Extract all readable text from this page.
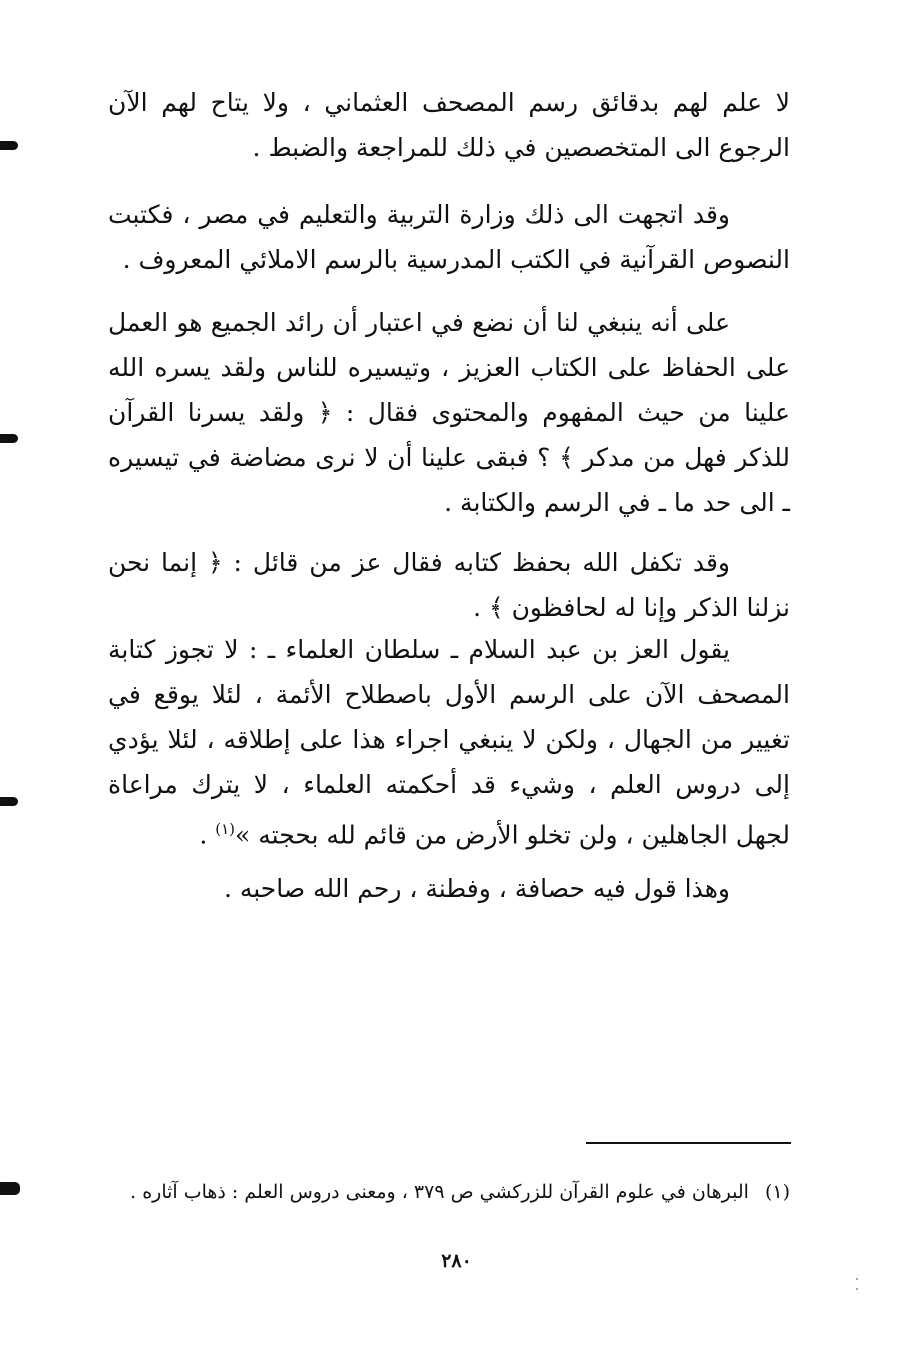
لا علم لهم بدقائق رسم المصحف العثماني ، ولا يتاح لهم الآن الرجوع الى المتخصصين في ذلك للمراجعة والضبط .

وقد اتجهت الى ذلك وزارة التربية والتعليم في مصر ، فكتبت النصوص القرآنية في الكتب المدرسية بالرسم الاملائي المعروف .

على أنه ينبغي لنا أن نضع في اعتبار أن رائد الجميع هو العمل على الحفاظ على الكتاب العزيز ، وتيسيره للناس ولقد يسره الله علينا من حيث المفهوم والمحتوى فقال : ﴿ ولقد يسرنا القرآن للذكر فهل من مدكر ﴾ ؟ فبقى علينا أن لا نرى مضاضة في تيسيره ـ الى حد ما ـ في الرسم والكتابة .

وقد تكفل الله بحفظ كتابه فقال عز من قائل : ﴿ إنما نحن نزلنا الذكر وإنا له لحافظون ﴾ .

يقول العز بن عبد السلام ـ سلطان العلماء ـ : لا تجوز كتابة المصحف الآن على الرسم الأول باصطلاح الأئمة ، لئلا يوقع في تغيير من الجهال ، ولكن لا ينبغي اجراء هذا على إطلاقه ، لئلا يؤدي إلى دروس العلم ، وشيء قد أحكمته العلماء ، لا يترك مراعاة لجهل الجاهلين ، ولن تخلو الأرض من قائم لله بحجته »$^{(١)}$ .

وهذا قول فيه حصافة ، وفطنة ، رحم الله صاحبه .

(١) البرهان في علوم القرآن للزركشي ص ٣٧٩ ، ومعنى دروس العلم : ذهاب آثاره .
٢٨٠
